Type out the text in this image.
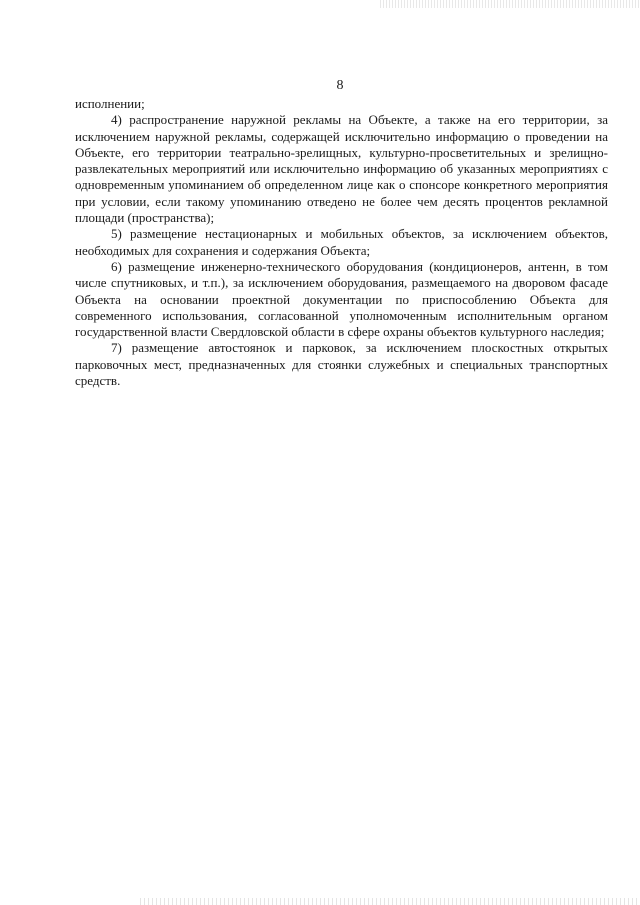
8

исполнении;

4) распространение наружной рекламы на Объекте, а также на его территории, за исключением наружной рекламы, содержащей исключительно информацию о проведении на Объекте, его территории театрально-зрелищных, культурно-просветительных и зрелищно-развлекательных мероприятий или исключительно информацию об указанных мероприятиях с одновременным упоминанием об определенном лице как о спонсоре конкретного мероприятия при условии, если такому упоминанию отведено не более чем десять процентов рекламной площади (пространства);

5) размещение нестационарных и мобильных объектов, за исключением объектов, необходимых для сохранения и содержания Объекта;

6) размещение инженерно-технического оборудования (кондиционеров, антенн, в том числе спутниковых, и т.п.), за исключением оборудования, размещаемого на дворовом фасаде Объекта на основании проектной документации по приспособлению Объекта для современного использования, согласованной уполномоченным исполнительным органом государственной власти Свердловской области в сфере охраны объектов культурного наследия;

7) размещение автостоянок и парковок, за исключением плоскостных открытых парковочных мест, предназначенных для стоянки служебных и специальных транспортных средств.
